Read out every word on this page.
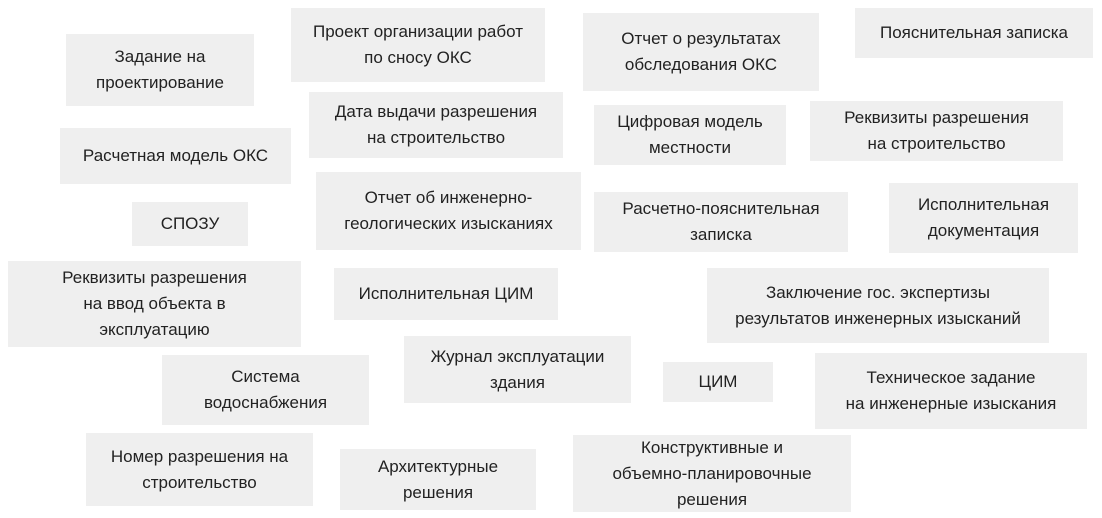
Задание на
проектирование
Проект организации работ
по сносу ОКС
Отчет о результатах
обследования ОКС
Пояснительная записка
Дата выдачи разрешения
на строительство
Цифровая модель
местности
Реквизиты разрешения
на строительство
Расчетная модель ОКС
Отчет об инженерно-
геологических изысканиях
СПОЗУ
Расчетно-пояснительная
записка
Исполнительная
документация
Реквизиты разрешения
на ввод объекта в
эксплуатацию
Исполнительная ЦИМ	Заключение гос. экспертизы
результатов инженерных изысканий
Журнал эксплуатации
здания	ЦИМ
Система
водоснабжения
Техническое задание
на инженерные изыскания
Конструктивные и
объемно-планировочные
решения
Номер разрешения на
строительство
Архитектурные
решения
